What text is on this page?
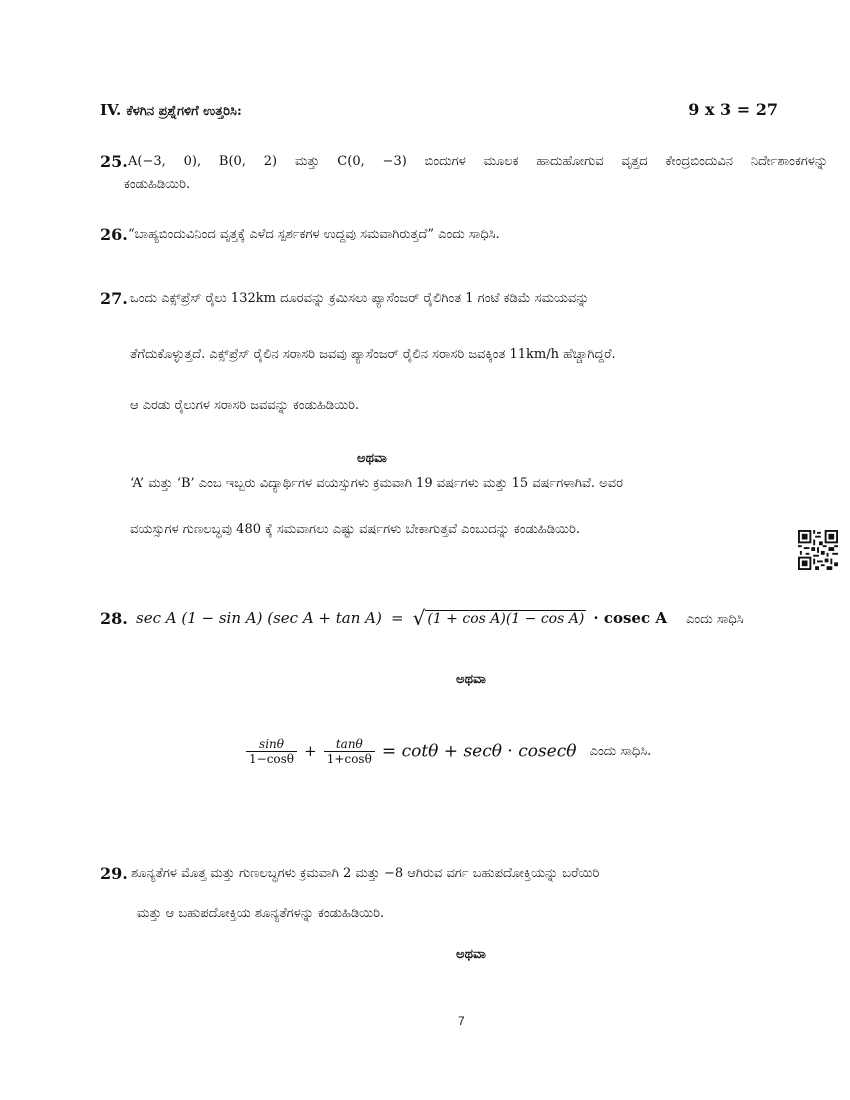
IV. ಕೆಳಗಿನ ಪ್ರಶ್ನೆಗಳಿಗೆ ಉತ್ತರಿಸಿ:	9 x 3 = 27
25. A(−3, 0), B(0, 2) ಮತ್ತು C(0, −3) ಬಿಂದುಗಳ ಮೂಲಕ ಹಾದುಹೋಗುವ ವೃತ್ತದ ಕೇಂದ್ರಬಿಂದುವಿನ ನಿರ್ದೇಶಾಂಕಗಳನ್ನು
ಕಂಡುಹಿಡಿಯಿರಿ.
26. “ಬಾಹ್ಯಬಿಂದುವಿನಿಂದ ವೃತ್ತಕ್ಕೆ ಎಳೆದ ಸ್ಪರ್ಶಕಗಳ ಉದ್ದವು ಸಮವಾಗಿರುತ್ತದೆ” ಎಂದು ಸಾಧಿಸಿ.
27. ಒಂದು ಎಕ್ಸ್‌ಪ್ರೆಸ್ ರೈಲು 132km ದೂರವನ್ನು ಕ್ರಮಿಸಲು ಪ್ಯಾಸೆಂಜರ್ ರೈಲಿಗಿಂತ 1 ಗಂಟೆ ಕಡಿಮೆ ಸಮಯವನ್ನು
ತೆಗೆದುಕೊಳ್ಳುತ್ತದೆ. ಎಕ್ಸ್‌ಪ್ರೆಸ್ ರೈಲಿನ ಸರಾಸರಿ ಜವವು ಪ್ಯಾಸೆಂಜರ್ ರೈಲಿನ ಸರಾಸರಿ ಜವಕ್ಕಿಂತ 11km/h ಹೆಚ್ಚಾಗಿದ್ದರೆ.
ಆ ಎರಡು ರೈಲುಗಳ ಸರಾಸರಿ ಜವವನ್ನು ಕಂಡುಹಿಡಿಯಿರಿ.
ಅಥವಾ
‘A’ ಮತ್ತು ‘B’ ಎಂಬ ಇಬ್ಬರು ವಿದ್ಯಾರ್ಥಿಗಳ ವಯಸ್ಸುಗಳು ಕ್ರಮವಾಗಿ 19 ವರ್ಷಗಳು ಮತ್ತು 15 ವರ್ಷಗಳಾಗಿವೆ. ಅವರ
ವಯಸ್ಸುಗಳ ಗುಣಲಬ್ಧವು 480 ಕ್ಕೆ ಸಮವಾಗಲು ಎಷ್ಟು ವರ್ಷಗಳು ಬೇಕಾಗುತ್ತವೆ ಎಂಬುದನ್ನು ಕಂಡುಹಿಡಿಯಿರಿ.
28. sec A (1 − sin A) (sec A + tan A) = √ (1 + cos A)(1 − cos A) · cosec A ಎಂದು ಸಾಧಿಸಿ
ಅಥವಾ
$\frac{\sin\theta}{1-\cos\theta} + \frac{\tan\theta}{1+\cos\theta} = \cot\theta + \sec\theta \cdot cosec\theta$ ಎಂದು ಸಾಧಿಸಿ.
29. ಶೂನ್ಯತೆಗಳ ಮೊತ್ತ ಮತ್ತು ಗುಣಲಬ್ಧಗಳು ಕ್ರಮವಾಗಿ 2 ಮತ್ತು −8 ಆಗಿರುವ ವರ್ಗ ಬಹುಪದೋಕ್ತಿಯನ್ನು ಬರೆಯಿರಿ
ಮತ್ತು ಆ ಬಹುಪದೋಕ್ತಿಯ ಶೂನ್ಯತೆಗಳನ್ನು ಕಂಡುಹಿಡಿಯಿರಿ.
ಅಥವಾ
7
